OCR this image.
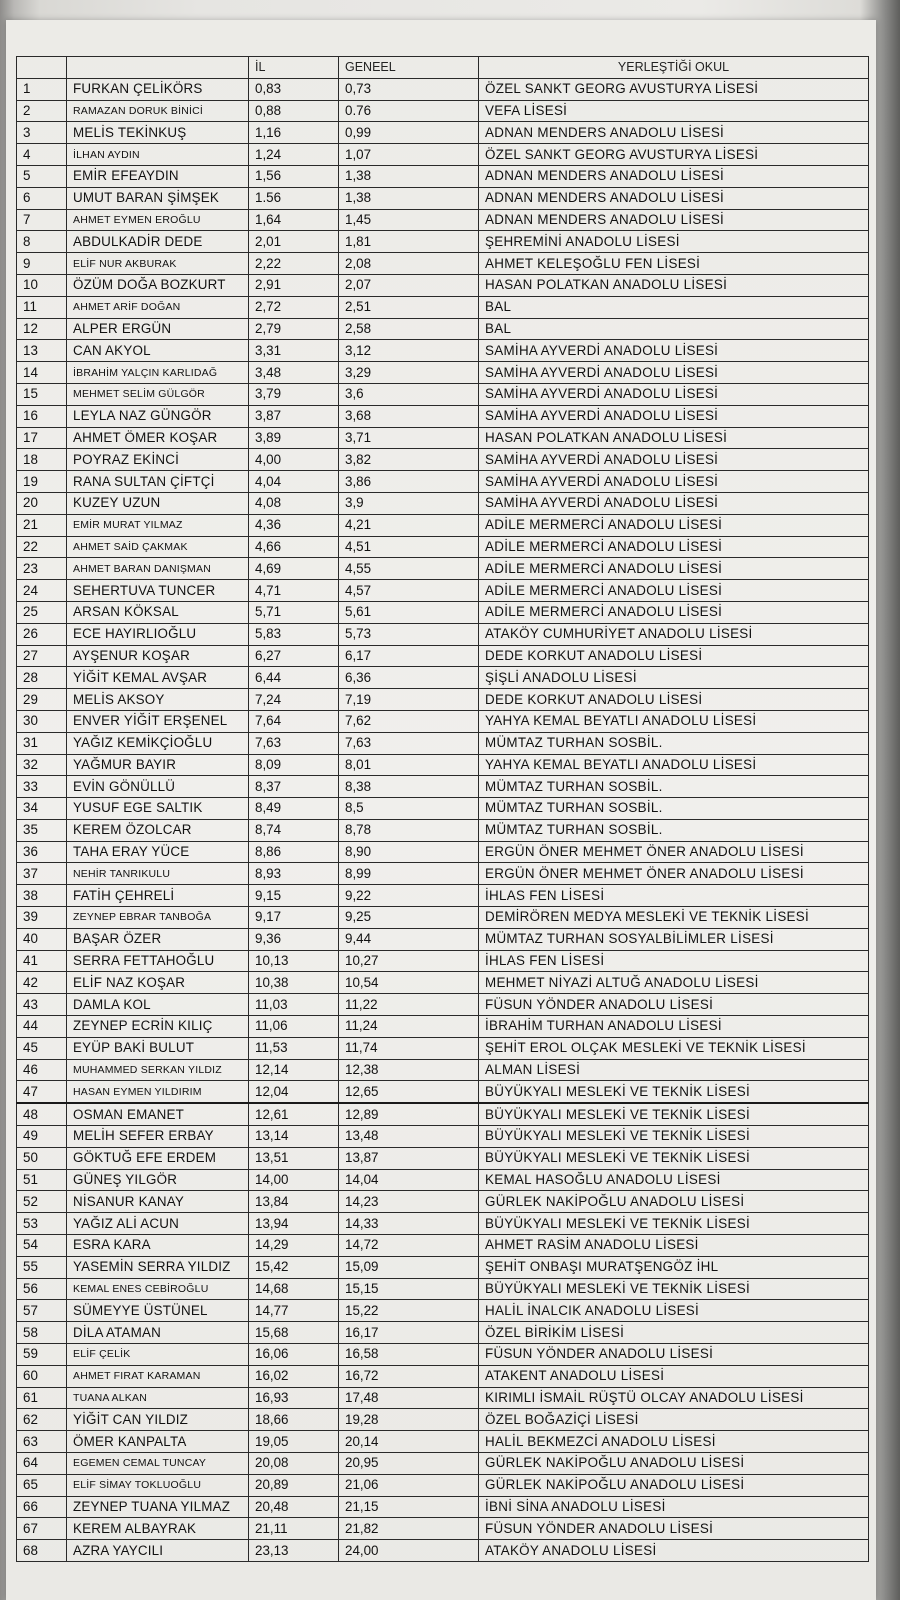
		İL	GENEEL	YERLEŞTİĞİ OKUL
1	FURKAN ÇELİKÖRS	0,83	0,73	ÖZEL SANKT GEORG AVUSTURYA LİSESİ
2	RAMAZAN DORUK BİNİCİ	0,88	0.76	VEFA LİSESİ
3	MELİS TEKİNKUŞ	1,16	0,99	ADNAN MENDERS ANADOLU LİSESİ
4	İLHAN AYDIN	1,24	1,07	ÖZEL SANKT GEORG AVUSTURYA LİSESİ
5	EMİR EFEAYDIN	1,56	1,38	ADNAN MENDERS ANADOLU LİSESİ
6	UMUT BARAN ŞİMŞEK	1.56	1,38	ADNAN MENDERS ANADOLU LİSESİ
7	AHMET EYMEN EROĞLU	1,64	1,45	ADNAN MENDERS ANADOLU LİSESİ
8	ABDULKADİR DEDE	2,01	1,81	ŞEHREMİNİ ANADOLU LİSESİ
9	ELİF NUR AKBURAK	2,22	2,08	AHMET KELEŞOĞLU FEN LİSESİ
10	ÖZÜM DOĞA BOZKURT	2,91	2,07	HASAN POLATKAN ANADOLU LİSESİ
11	AHMET ARİF DOĞAN	2,72	2,51	BAL
12	ALPER ERGÜN	2,79	2,58	BAL
13	CAN AKYOL	3,31	3,12	SAMİHA AYVERDİ ANADOLU LİSESİ
14	İBRAHİM YALÇIN KARLIDAĞ	3,48	3,29	SAMİHA AYVERDİ ANADOLU LİSESİ
15	MEHMET SELİM GÜLGÖR	3,79	3,6	SAMİHA AYVERDİ ANADOLU LİSESİ
16	LEYLA NAZ GÜNGÖR	3,87	3,68	SAMİHA AYVERDİ ANADOLU LİSESİ
17	AHMET ÖMER KOŞAR	3,89	3,71	HASAN POLATKAN ANADOLU LİSESİ
18	POYRAZ EKİNCİ	4,00	3,82	SAMİHA AYVERDİ ANADOLU LİSESİ
19	RANA SULTAN ÇİFTÇİ	4,04	3,86	SAMİHA AYVERDİ ANADOLU LİSESİ
20	KUZEY UZUN	4,08	3,9	SAMİHA AYVERDİ ANADOLU LİSESİ
21	EMİR MURAT YILMAZ	4,36	4,21	ADİLE MERMERCİ ANADOLU LİSESİ
22	AHMET SAİD ÇAKMAK	4,66	4,51	ADİLE MERMERCİ ANADOLU LİSESİ
23	AHMET BARAN DANIŞMAN	4,69	4,55	ADİLE MERMERCİ ANADOLU LİSESİ
24	SEHERTUVA TUNCER	4,71	4,57	ADİLE MERMERCİ ANADOLU LİSESİ
25	ARSAN KÖKSAL	5,71	5,61	ADİLE MERMERCİ ANADOLU LİSESİ
26	ECE HAYIRLIOĞLU	5,83	5,73	ATAKÖY CUMHURİYET ANADOLU LİSESİ
27	AYŞENUR KOŞAR	6,27	6,17	DEDE KORKUT ANADOLU LİSESİ
28	YİĞİT KEMAL AVŞAR	6,44	6,36	ŞİŞLİ ANADOLU LİSESİ
29	MELİS AKSOY	7,24	7,19	DEDE KORKUT ANADOLU LİSESİ
30	ENVER YİĞİT ERŞENEL	7,64	7,62	YAHYA KEMAL BEYATLI ANADOLU LİSESİ
31	YAĞIZ KEMİKÇİOĞLU	7,63	7,63	MÜMTAZ TURHAN SOSBİL.
32	YAĞMUR BAYIR	8,09	8,01	YAHYA KEMAL BEYATLI ANADOLU LİSESİ
33	EVİN GÖNÜLLÜ	8,37	8,38	MÜMTAZ TURHAN SOSBİL.
34	YUSUF EGE SALTIK	8,49	8,5	MÜMTAZ TURHAN SOSBİL.
35	KEREM ÖZOLCAR	8,74	8,78	MÜMTAZ TURHAN SOSBİL.
36	TAHA ERAY YÜCE	8,86	8,90	ERGÜN ÖNER MEHMET ÖNER ANADOLU LİSESİ
37	NEHİR TANRIKULU	8,93	8,99	ERGÜN ÖNER MEHMET ÖNER ANADOLU LİSESİ
38	FATİH ÇEHRELİ	9,15	9,22	İHLAS FEN LİSESİ
39	ZEYNEP EBRAR TANBOĞA	9,17	9,25	DEMİRÖREN MEDYA MESLEKİ VE TEKNİK LİSESİ
40	BAŞAR ÖZER	9,36	9,44	MÜMTAZ TURHAN SOSYALBİLİMLER LİSESİ
41	SERRA FETTAHOĞLU	10,13	10,27	İHLAS FEN LİSESİ
42	ELİF NAZ KOŞAR	10,38	10,54	MEHMET NİYAZİ ALTUĞ ANADOLU LİSESİ
43	DAMLA KOL	11,03	11,22	FÜSUN YÖNDER ANADOLU LİSESİ
44	ZEYNEP ECRİN KILIÇ	11,06	11,24	İBRAHİM TURHAN ANADOLU LİSESİ
45	EYÜP BAKİ BULUT	11,53	11,74	ŞEHİT EROL OLÇAK MESLEKİ VE TEKNİK LİSESİ
46	MUHAMMED SERKAN YILDIZ	12,14	12,38	ALMAN LİSESİ
47	HASAN EYMEN YILDIRIM	12,04	12,65	BÜYÜKYALI MESLEKİ VE TEKNİK LİSESİ
48	OSMAN EMANET	12,61	12,89	BÜYÜKYALI MESLEKİ VE TEKNİK LİSESİ
49	MELİH SEFER ERBAY	13,14	13,48	BÜYÜKYALI MESLEKİ VE TEKNİK LİSESİ
50	GÖKTUĞ EFE ERDEM	13,51	13,87	BÜYÜKYALI MESLEKİ VE TEKNİK LİSESİ
51	GÜNEŞ YILGÖR	14,00	14,04	KEMAL HASOĞLU ANADOLU LİSESİ
52	NİSANUR KANAY	13,84	14,23	GÜRLEK NAKİPOĞLU ANADOLU LİSESİ
53	YAĞIZ ALİ ACUN	13,94	14,33	BÜYÜKYALI MESLEKİ VE TEKNİK LİSESİ
54	ESRA KARA	14,29	14,72	AHMET RASİM ANADOLU LİSESİ
55	YASEMİN SERRA YILDIZ	15,42	15,09	ŞEHİT ONBAŞI MURATŞENGÖZ İHL
56	KEMAL ENES CEBİROĞLU	14,68	15,15	BÜYÜKYALI MESLEKİ VE TEKNİK LİSESİ
57	SÜMEYYE ÜSTÜNEL	14,77	15,22	HALİL İNALCIK ANADOLU LİSESİ
58	DİLA ATAMAN	15,68	16,17	ÖZEL BİRİKİM LİSESİ
59	ELİF ÇELİK	16,06	16,58	FÜSUN YÖNDER ANADOLU LİSESİ
60	AHMET FIRAT KARAMAN	16,02	16,72	ATAKENT ANADOLU LİSESİ
61	TUANA ALKAN	16,93	17,48	KIRIMLI İSMAİL RÜŞTÜ OLCAY ANADOLU LİSESİ
62	YİĞİT CAN YILDIZ	18,66	19,28	ÖZEL BOĞAZİÇİ LİSESİ
63	ÖMER KANPALTA	19,05	20,14	HALİL BEKMEZCİ ANADOLU LİSESİ
64	EGEMEN CEMAL TUNCAY	20,08	20,95	GÜRLEK NAKİPOĞLU ANADOLU LİSESİ
65	ELİF SİMAY TOKLUOĞLU	20,89	21,06	GÜRLEK NAKİPOĞLU ANADOLU LİSESİ
66	ZEYNEP TUANA YILMAZ	20,48	21,15	İBNİ SİNA ANADOLU LİSESİ
67	KEREM ALBAYRAK	21,11	21,82	FÜSUN YÖNDER ANADOLU LİSESİ
68	AZRA YAYCILI	23,13	24,00	ATAKÖY ANADOLU LİSESİ
